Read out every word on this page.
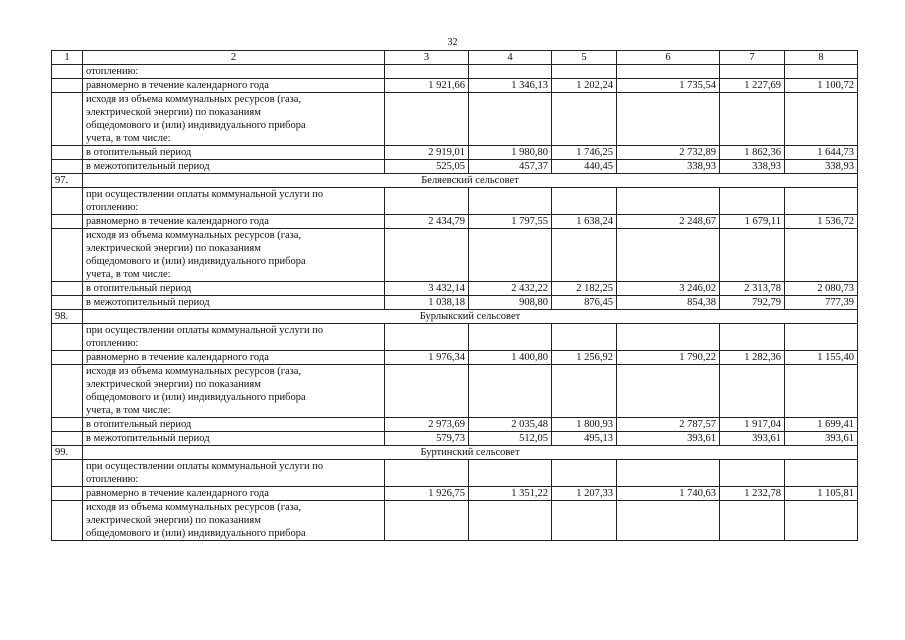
32
1	2	3	4	5	6	7	8

	отоплению:						

	равномерно в течение календарного года	1 921,66	1 346,13	1 202,24	1 735,54	1 227,69	1 100,72

	исходя из объема коммунальных ресурсов (газа,
электрической энергии) по показаниям
общедомового и (или) индивидуального прибора
учета, в том числе:						

	в отопительный период	2 919,01	1 980,80	1 746,25	2 732,89	1 862,36	1 644,73

	в межотопительный период	525,05	457,37	440,45	338,93	338,93	338,93
97.	Беляевский сельсовет						

	при осуществлении оплаты коммунальной услуги по
отоплению:						

	равномерно в течение календарного года	2 434,79	1 797,55	1 638,24	2 248,67	1 679,11	1 536,72

	исходя из объема коммунальных ресурсов (газа,
электрической энергии) по показаниям
общедомового и (или) индивидуального прибора
учета, в том числе:						

	в отопительный период	3 432,14	2 432,22	2 182,25	3 246,02	2 313,78	2 080,73

	в межотопительный период	1 038,18	908,80	876,45	854,38	792,79	777,39
98.	Бурлыкский сельсовет						

	при осуществлении оплаты коммунальной услуги по
отоплению:						

	равномерно в течение календарного года	1 976,34	1 400,80	1 256,92	1 790,22	1 282,36	1 155,40

	исходя из объема коммунальных ресурсов (газа,
электрической энергии) по показаниям
общедомового и (или) индивидуального прибора
учета, в том числе:						

	в отопительный период	2 973,69	2 035,48	1 800,93	2 787,57	1 917,04	1 699,41

	в межотопительный период	579,73	512,05	495,13	393,61	393,61	393,61
99.	Буртинский сельсовет						

	при осуществлении оплаты коммунальной услуги по
отоплению:						

	равномерно в течение календарного года	1 926,75	1 351,22	1 207,33	1 740,63	1 232,78	1 105,81

	исходя из объема коммунальных ресурсов (газа,
электрической энергии) по показаниям
общедомового и (или) индивидуального прибора						
